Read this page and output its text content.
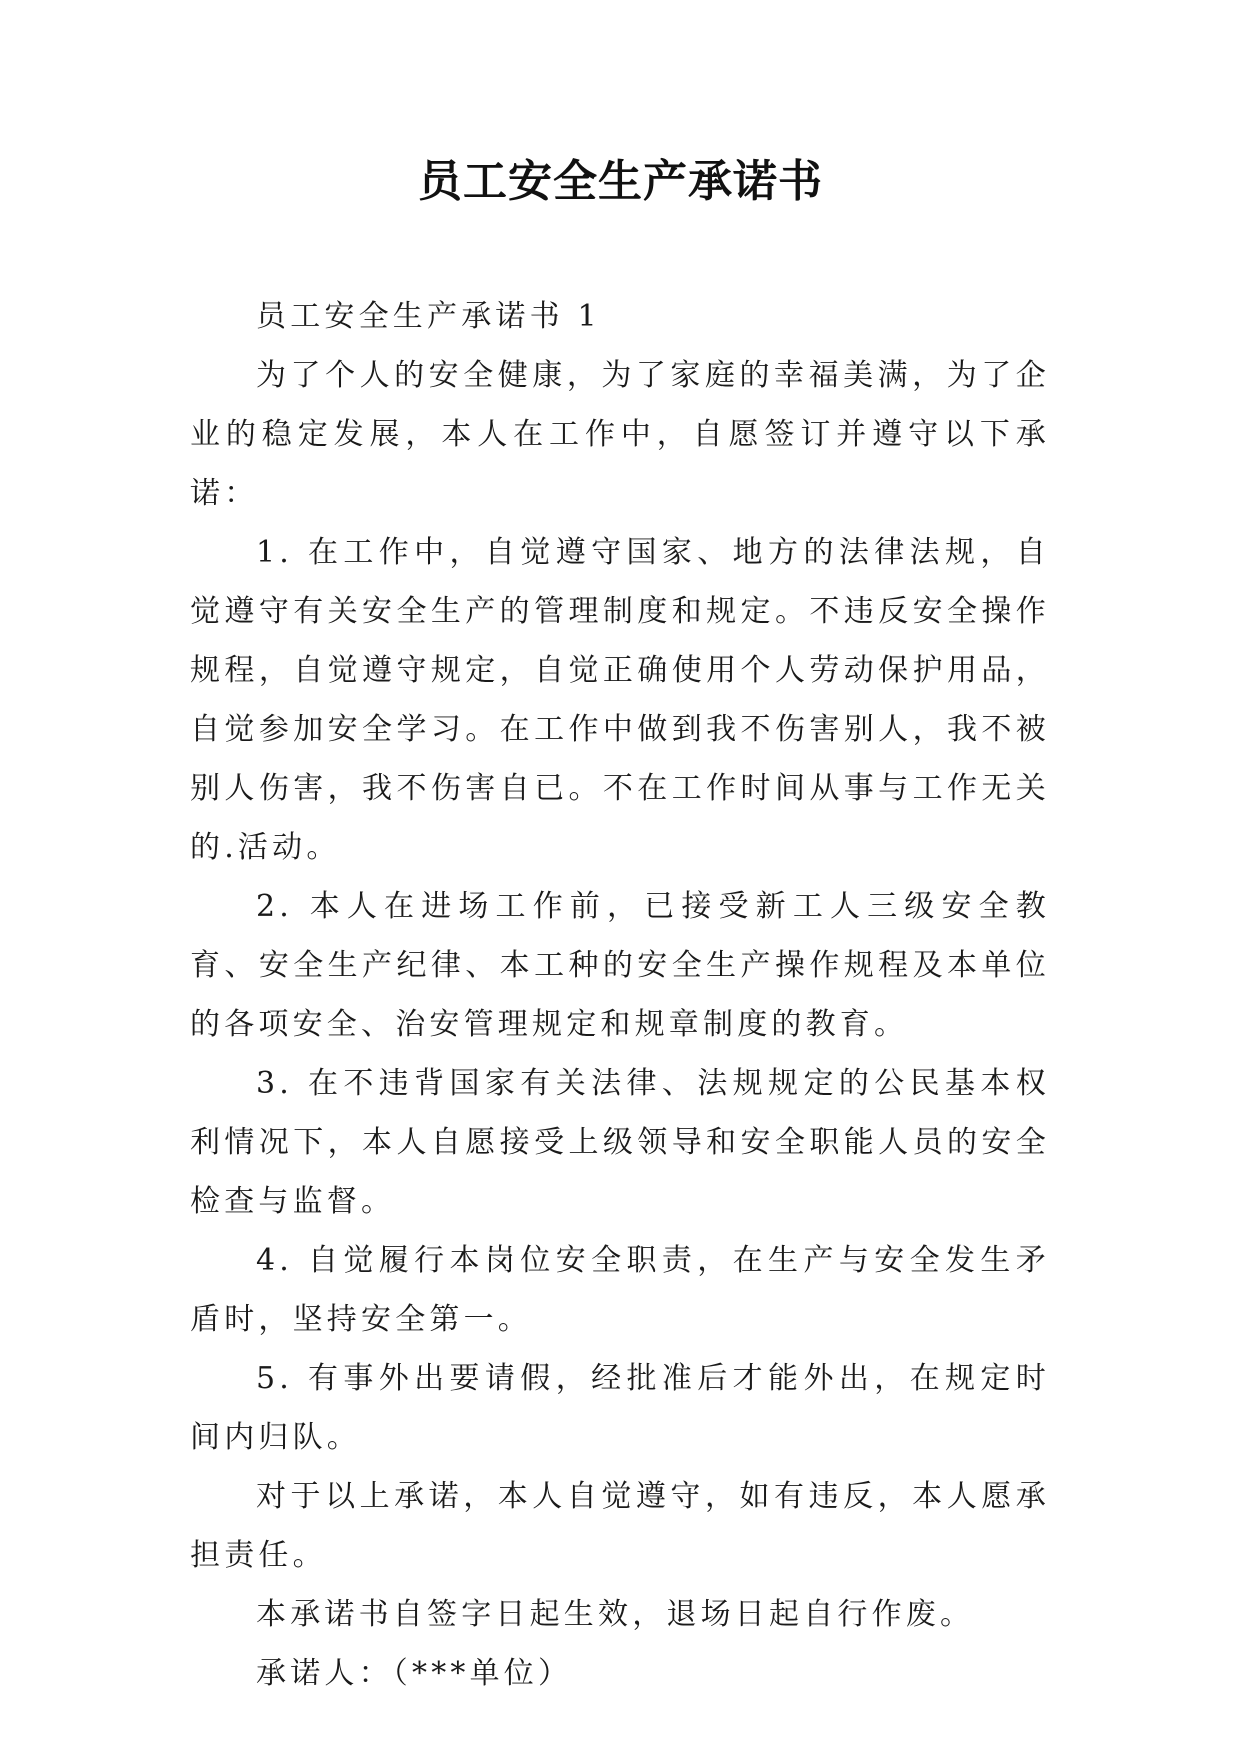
员工安全生产承诺书

员工安全生产承诺书 1

为了个人的安全健康，为了家庭的幸福美满，为了企业的稳定发展，本人在工作中，自愿签订并遵守以下承诺：

1. 在工作中，自觉遵守国家、地方的法律法规，自觉遵守有关安全生产的管理制度和规定。不违反安全操作规程，自觉遵守规定，自觉正确使用个人劳动保护用品，自觉参加安全学习。在工作中做到我不伤害别人，我不被别人伤害，我不伤害自已。不在工作时间从事与工作无关的.活动。

2. 本人在进场工作前，已接受新工人三级安全教育、安全生产纪律、本工种的安全生产操作规程及本单位的各项安全、治安管理规定和规章制度的教育。

3. 在不违背国家有关法律、法规规定的公民基本权利情况下，本人自愿接受上级领导和安全职能人员的安全检查与监督。

4. 自觉履行本岗位安全职责，在生产与安全发生矛盾时，坚持安全第一。

5. 有事外出要请假，经批准后才能外出，在规定时间内归队。

对于以上承诺，本人自觉遵守，如有违反，本人愿承担责任。

本承诺书自签字日起生效，退场日起自行作废。

承诺人：（***单位）
